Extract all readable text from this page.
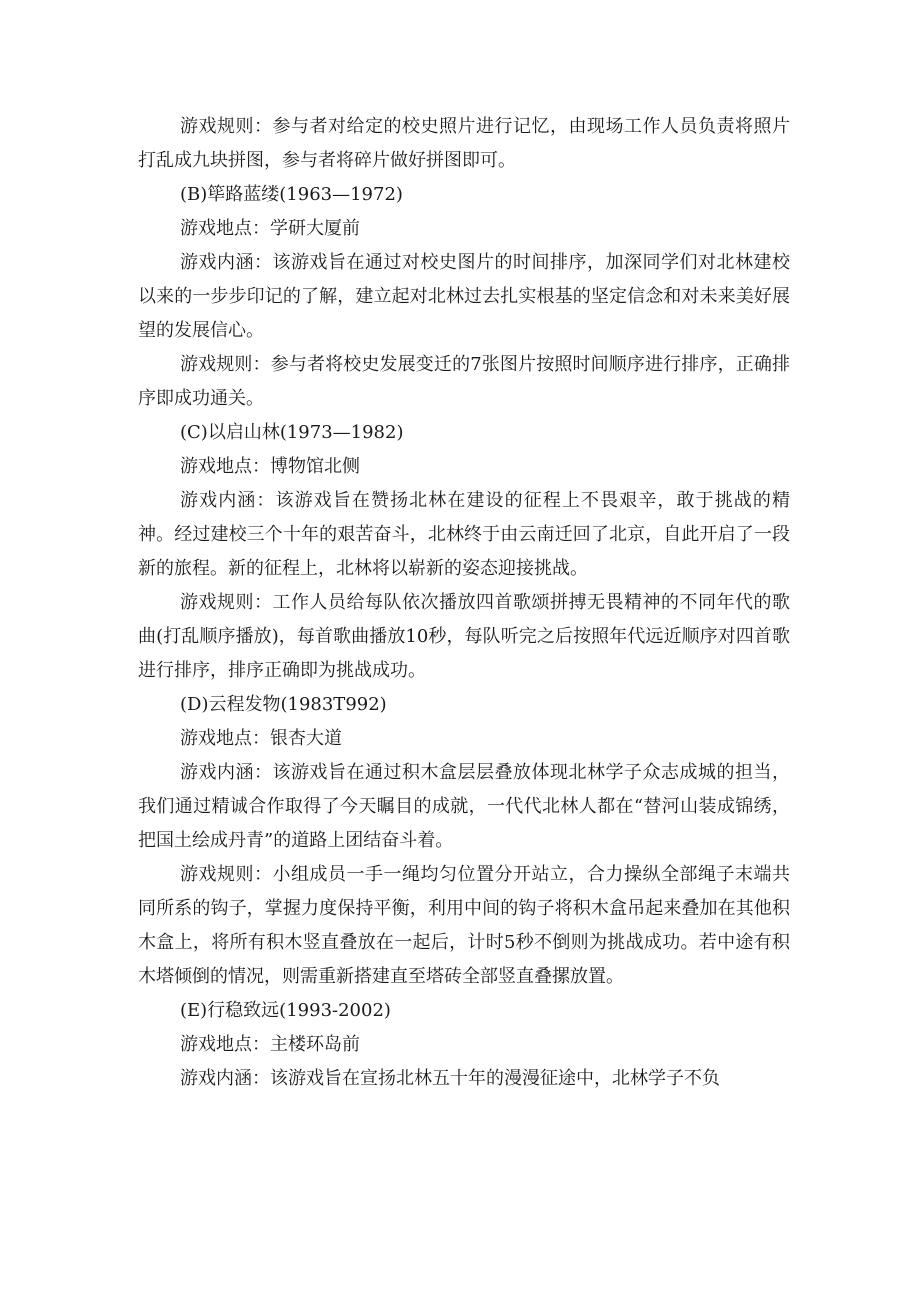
游戏规则：参与者对给定的校史照片进行记忆，由现场工作人员负责将照片打乱成九块拼图，参与者将碎片做好拼图即可。

(B)筚路蓝缕(1963—1972)

游戏地点：学研大厦前

游戏内涵：该游戏旨在通过对校史图片的时间排序，加深同学们对北林建校以来的一步步印记的了解，建立起对北林过去扎实根基的坚定信念和对未来美好展望的发展信心。

游戏规则：参与者将校史发展变迁的7张图片按照时间顺序进行排序，正确排序即成功通关。

(C)以启山林(1973—1982)

游戏地点：博物馆北侧

游戏内涵：该游戏旨在赞扬北林在建设的征程上不畏艰辛，敢于挑战的精神。经过建校三个十年的艰苦奋斗，北林终于由云南迁回了北京，自此开启了一段新的旅程。新的征程上，北林将以崭新的姿态迎接挑战。

游戏规则：工作人员给每队依次播放四首歌颂拼搏无畏精神的不同年代的歌曲(打乱顺序播放)，每首歌曲播放10秒，每队听完之后按照年代远近顺序对四首歌进行排序，排序正确即为挑战成功。

(D)云程发物(1983T992)

游戏地点：银杏大道

游戏内涵：该游戏旨在通过积木盒层层叠放体现北林学子众志成城的担当，我们通过精诚合作取得了今天瞩目的成就，一代代北林人都在“替河山装成锦绣，把国土绘成丹青”的道路上团结奋斗着。

游戏规则：小组成员一手一绳均匀位置分开站立，合力操纵全部绳子末端共同所系的钩子，掌握力度保持平衡，利用中间的钩子将积木盒吊起来叠加在其他积木盒上，将所有积木竖直叠放在一起后，计时5秒不倒则为挑战成功。若中途有积木塔倾倒的情况，则需重新搭建直至塔砖全部竖直叠摞放置。

(E)行稳致远(1993-2002)

游戏地点：主楼环岛前

游戏内涵：该游戏旨在宣扬北林五十年的漫漫征途中，北林学子不负
